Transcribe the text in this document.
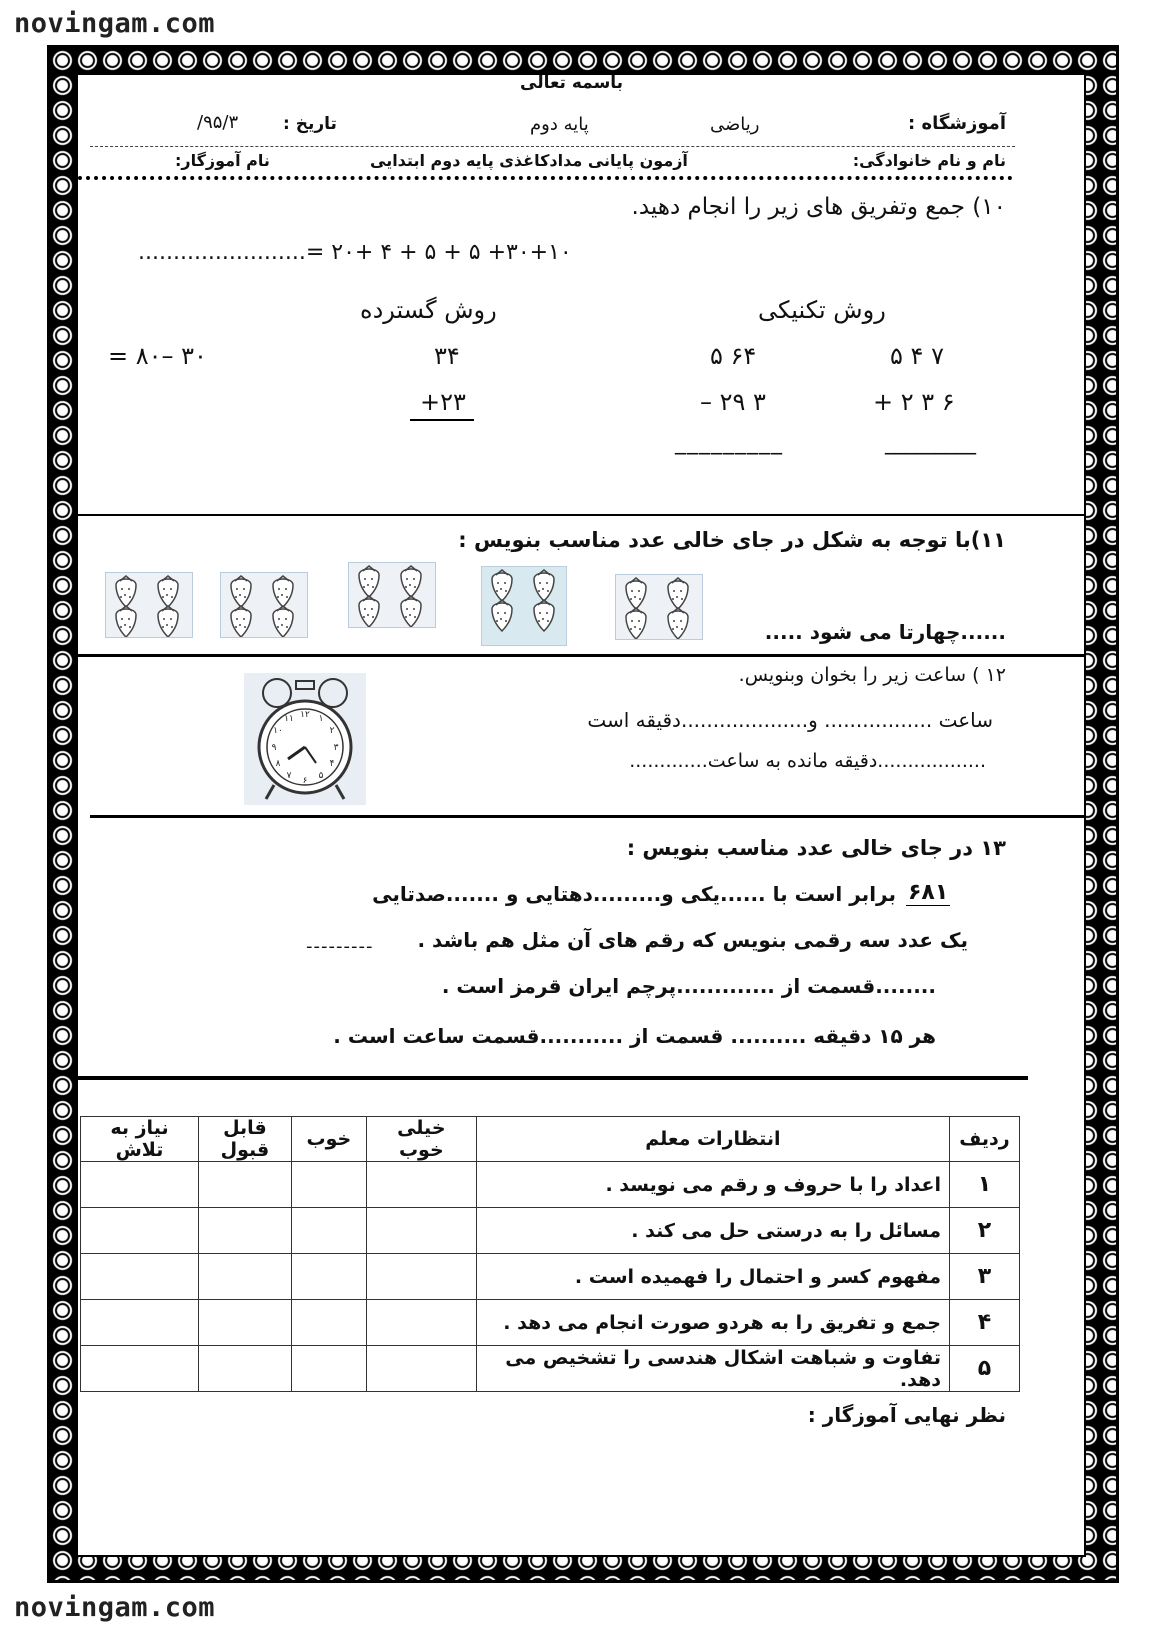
novingam.com
novingam.com
باسمه تعالی
آموزشگاه :
ریاضی
پایه دوم
تاریخ :
۹۵/۳/
نام و نام خانوادگی:
آزمون پایانی مدادکاغذی پایه دوم ابتدایی
نام آموزگار:
۱۰) جمع وتفریق های زیر را انجام دهید.
........................= ۲۰+ ۴ + ۵ + ۵ +۳۰+۱۰
روش تکنیکی
روش گسترده
= ۸۰– ۳۰	۳۴
+۲۳
۶۴ ۵
– ۲۹ ۳
_________
۷ ۴ ۵
+ ۲ ۳ ۶
_________
۱۱)با توجه به شکل در جای خالی عدد مناسب بنویس :
......چهارتا می شود .....
۱۲ ) ساعت زیر را بخوان وبنویس.
ساعت ................. و....................دقیقه است
..................دقیقه مانده به ساعت.............
۱۲ ۱
۲
۳
۴
۵
۶
۷
۸
۹
۱۰
۱۱
۱۳ در جای خالی عدد مناسب بنویس :
۶۸۱
برابر است با ......یکی و.........دهتایی و .......صدتایی
یک عدد سه رقمی بنویس که رقم های آن مثل هم باشد .
---------
........قسمت از .............پرچم ایران قرمز است .
هر ۱۵ دقیقه .......... قسمت از ...........قسمت ساعت است .
ردیف	انتظارات معلم	خیلی خوب	خوب	قابل قبول	نیاز به تلاش
۱	اعداد را با حروف و رقم می نویسد .				
۲	مسائل را به درستی حل می کند .				
۳	مفهوم کسر و احتمال را فهمیده است .				
۴	جمع و تفریق را به هردو صورت انجام می دهد .				
۵	تفاوت و شباهت اشکال هندسی را تشخیص می دهد.				
نظر نهایی آموزگار :
